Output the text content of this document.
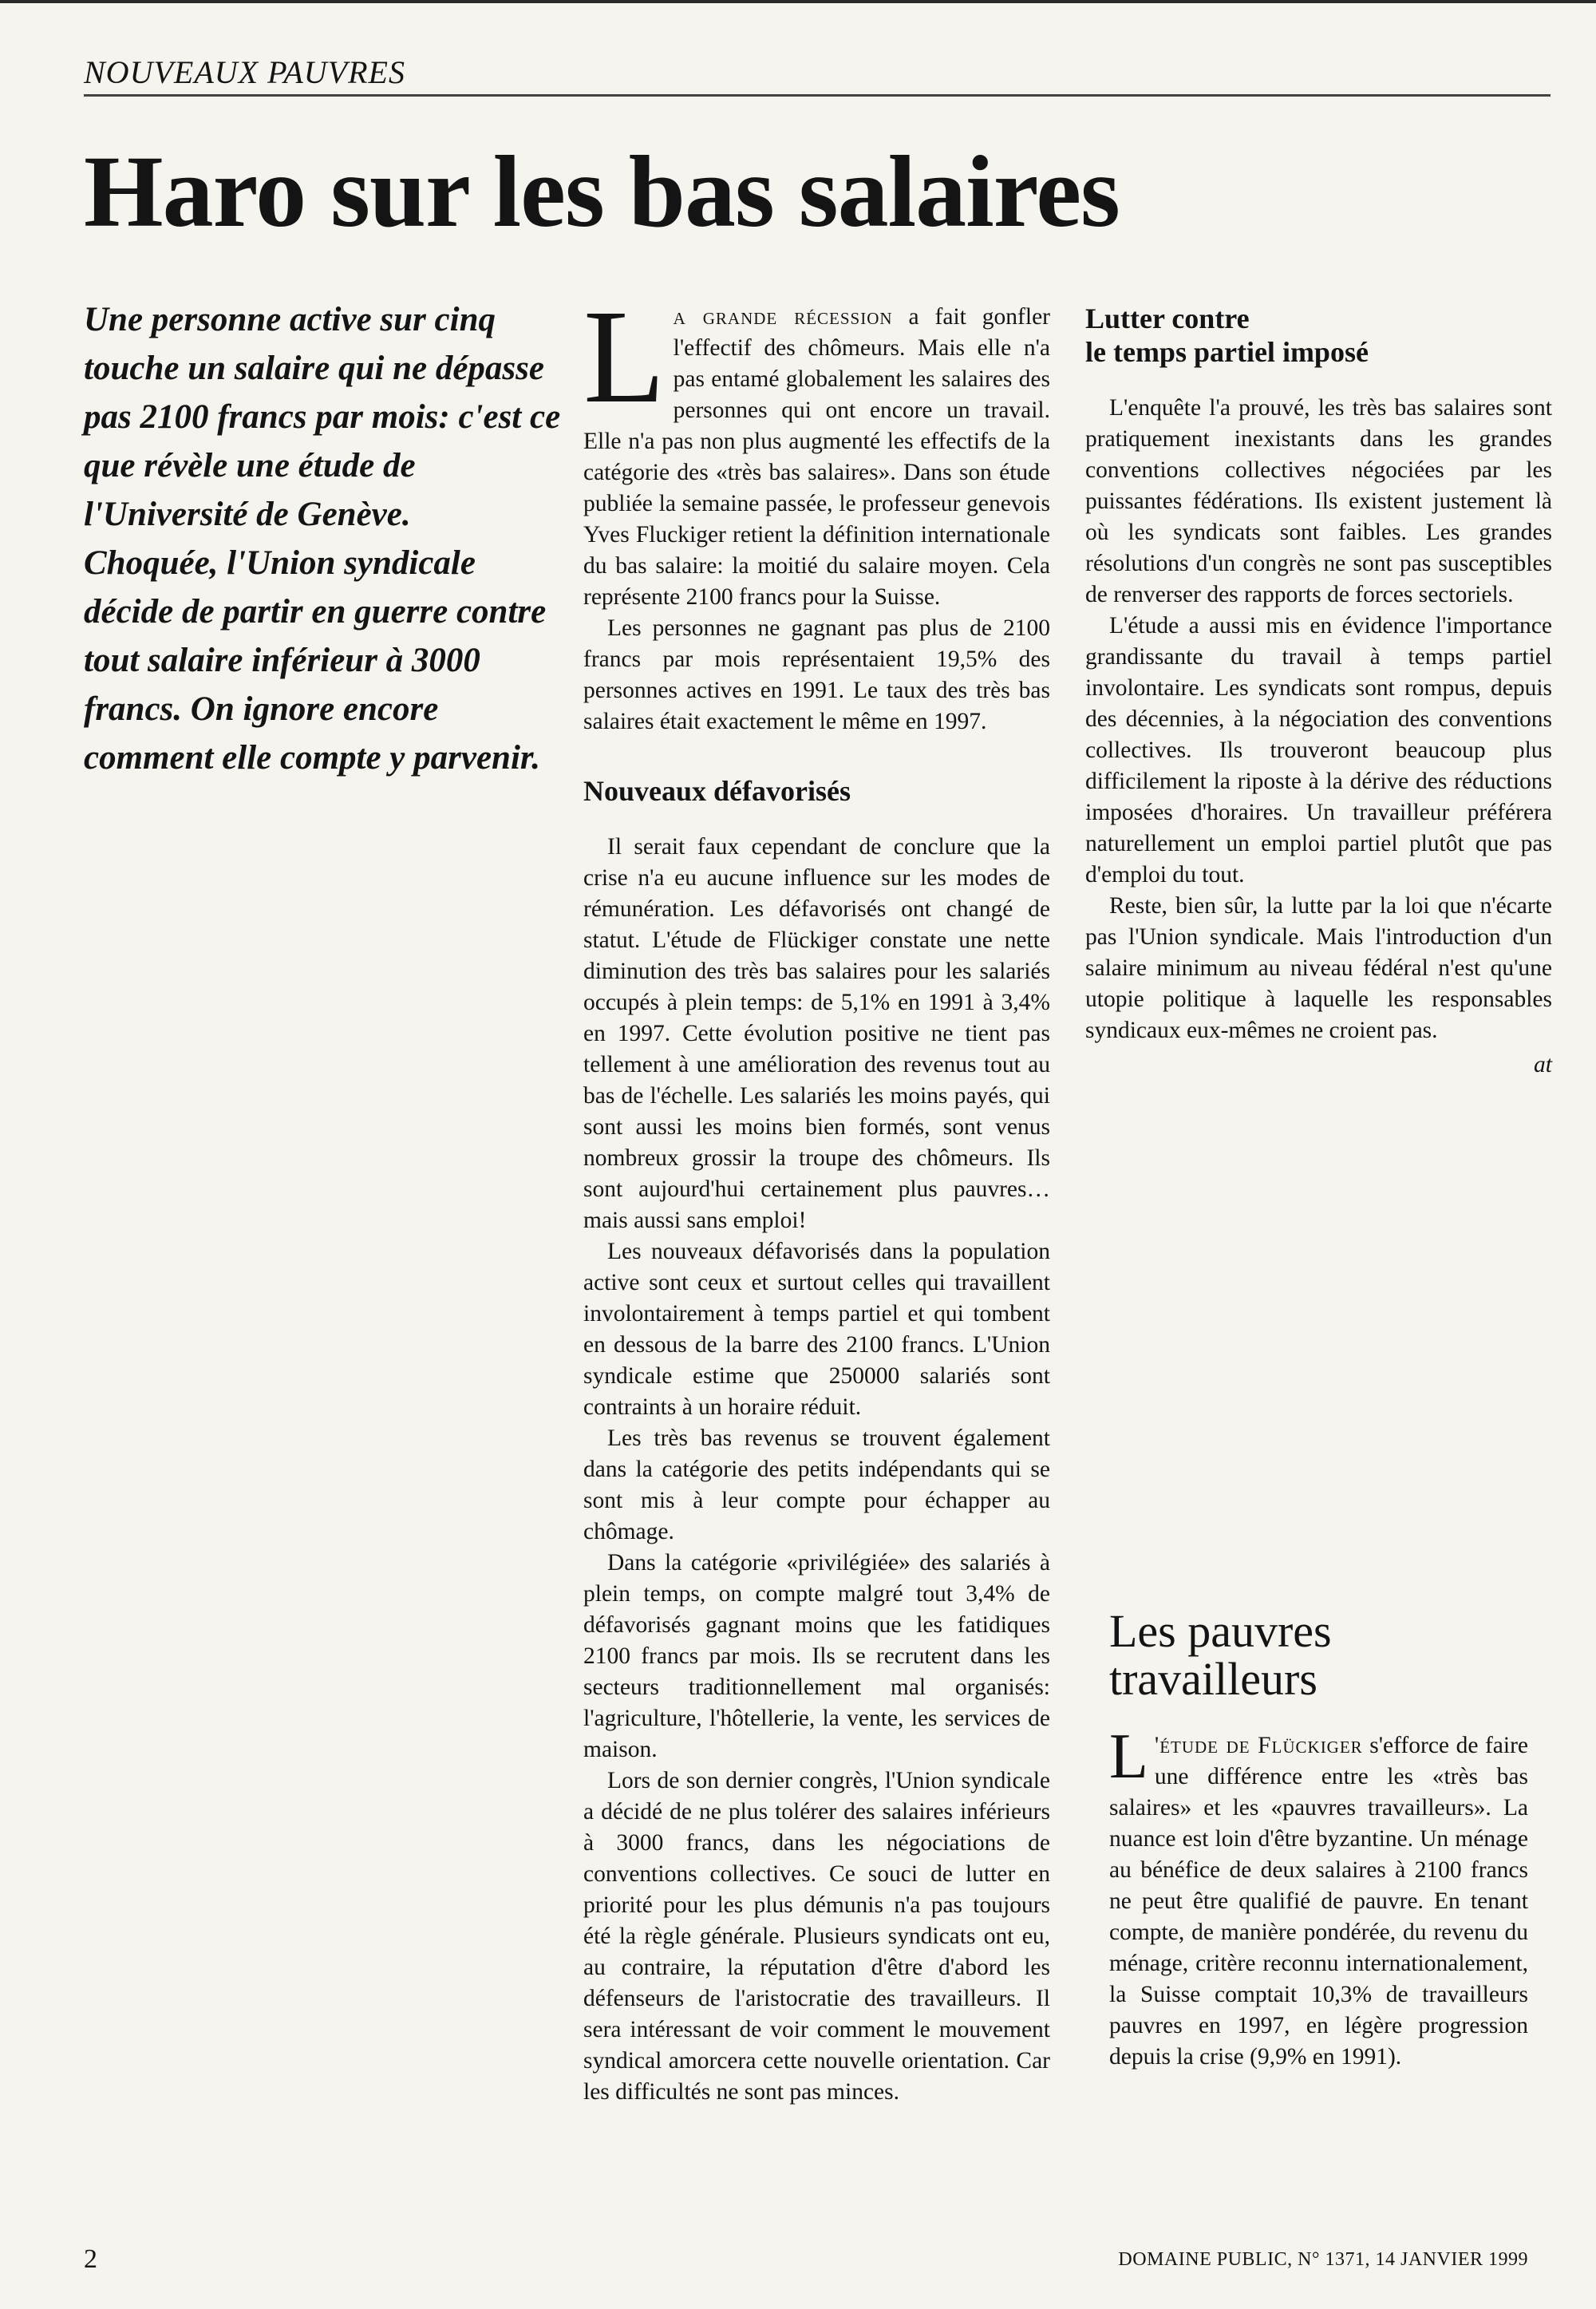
NOUVEAUX PAUVRES
Haro sur les bas salaires

Une personne active sur cinq touche un salaire qui ne dépasse pas 2100 francs par mois: c'est ce que révèle une étude de l'Université de Genève.

Choquée, l'Union syndicale décide de partir en guerre contre tout salaire inférieur à 3000 francs. On ignore encore comment elle compte y parvenir.

La grande récession a fait gonfler l'effectif des chômeurs. Mais elle n'a pas entamé globalement les salaires des personnes qui ont encore un travail. Elle n'a pas non plus augmenté les effectifs de la catégorie des «très bas salaires». Dans son étude publiée la semaine passée, le professeur genevois Yves Fluckiger retient la définition internationale du bas salaire: la moitié du salaire moyen. Cela représente 2100 francs pour la Suisse.

Les personnes ne gagnant pas plus de 2100 francs par mois représentaient 19,5% des personnes actives en 1991. Le taux des très bas salaires était exactement le même en 1997.

Nouveaux défavorisés

Il serait faux cependant de conclure que la crise n'a eu aucune influence sur les modes de rémunération. Les défavorisés ont changé de statut. L'étude de Flückiger constate une nette diminution des très bas salaires pour les salariés occupés à plein temps: de 5,1% en 1991 à 3,4% en 1997. Cette évolution positive ne tient pas tellement à une amélioration des revenus tout au bas de l'échelle. Les salariés les moins payés, qui sont aussi les moins bien formés, sont venus nombreux grossir la troupe des chômeurs. Ils sont aujourd'hui certainement plus pauvres… mais aussi sans emploi!

Les nouveaux défavorisés dans la population active sont ceux et surtout celles qui travaillent involontairement à temps partiel et qui tombent en dessous de la barre des 2100 francs. L'Union syndicale estime que 250000 salariés sont contraints à un horaire réduit.

Les très bas revenus se trouvent également dans la catégorie des petits indépendants qui se sont mis à leur compte pour échapper au chômage.

Dans la catégorie «privilégiée» des salariés à plein temps, on compte malgré tout 3,4% de défavorisés gagnant moins que les fatidiques 2100 francs par mois. Ils se recrutent dans les secteurs traditionnellement mal organisés: l'agriculture, l'hôtellerie, la vente, les services de maison.

Lors de son dernier congrès, l'Union syndicale a décidé de ne plus tolérer des salaires inférieurs à 3000 francs, dans les négociations de conventions collectives. Ce souci de lutter en priorité pour les plus démunis n'a pas toujours été la règle générale. Plusieurs syndicats ont eu, au contraire, la réputation d'être d'abord les défenseurs de l'aristocratie des travailleurs. Il sera intéressant de voir comment le mouvement syndical amorcera cette nouvelle orientation. Car les difficultés ne sont pas minces.

Lutter contre
le temps partiel imposé

L'enquête l'a prouvé, les très bas salaires sont pratiquement inexistants dans les grandes conventions collectives négociées par les puissantes fédérations. Ils existent justement là où les syndicats sont faibles. Les grandes résolutions d'un congrès ne sont pas susceptibles de renverser des rapports de forces sectoriels.

L'étude a aussi mis en évidence l'importance grandissante du travail à temps partiel involontaire. Les syndicats sont rompus, depuis des décennies, à la négociation des conventions collectives. Ils trouveront beaucoup plus difficilement la riposte à la dérive des réductions imposées d'horaires. Un travailleur préférera naturellement un emploi partiel plutôt que pas d'emploi du tout.

Reste, bien sûr, la lutte par la loi que n'écarte pas l'Union syndicale. Mais l'introduction d'un salaire minimum au niveau fédéral n'est qu'une utopie politique à laquelle les responsables syndicaux eux-mêmes ne croient pas.

at
Les pauvres
travailleurs
L 'étude de Flückiger s'efforce de faire une différence entre les «très bas salaires» et les «pauvres travailleurs». La nuance est loin d'être byzantine. Un ménage au bénéfice de deux salaires à 2100 francs ne peut être qualifié de pauvre. En tenant compte, de manière pondérée, du revenu du ménage, critère reconnu internationalement, la Suisse comptait 10,3% de travailleurs pauvres en 1997, en légère progression depuis la crise (9,9% en 1991).
2	DOMAINE PUBLIC, N° 1371, 14 JANVIER 1999
